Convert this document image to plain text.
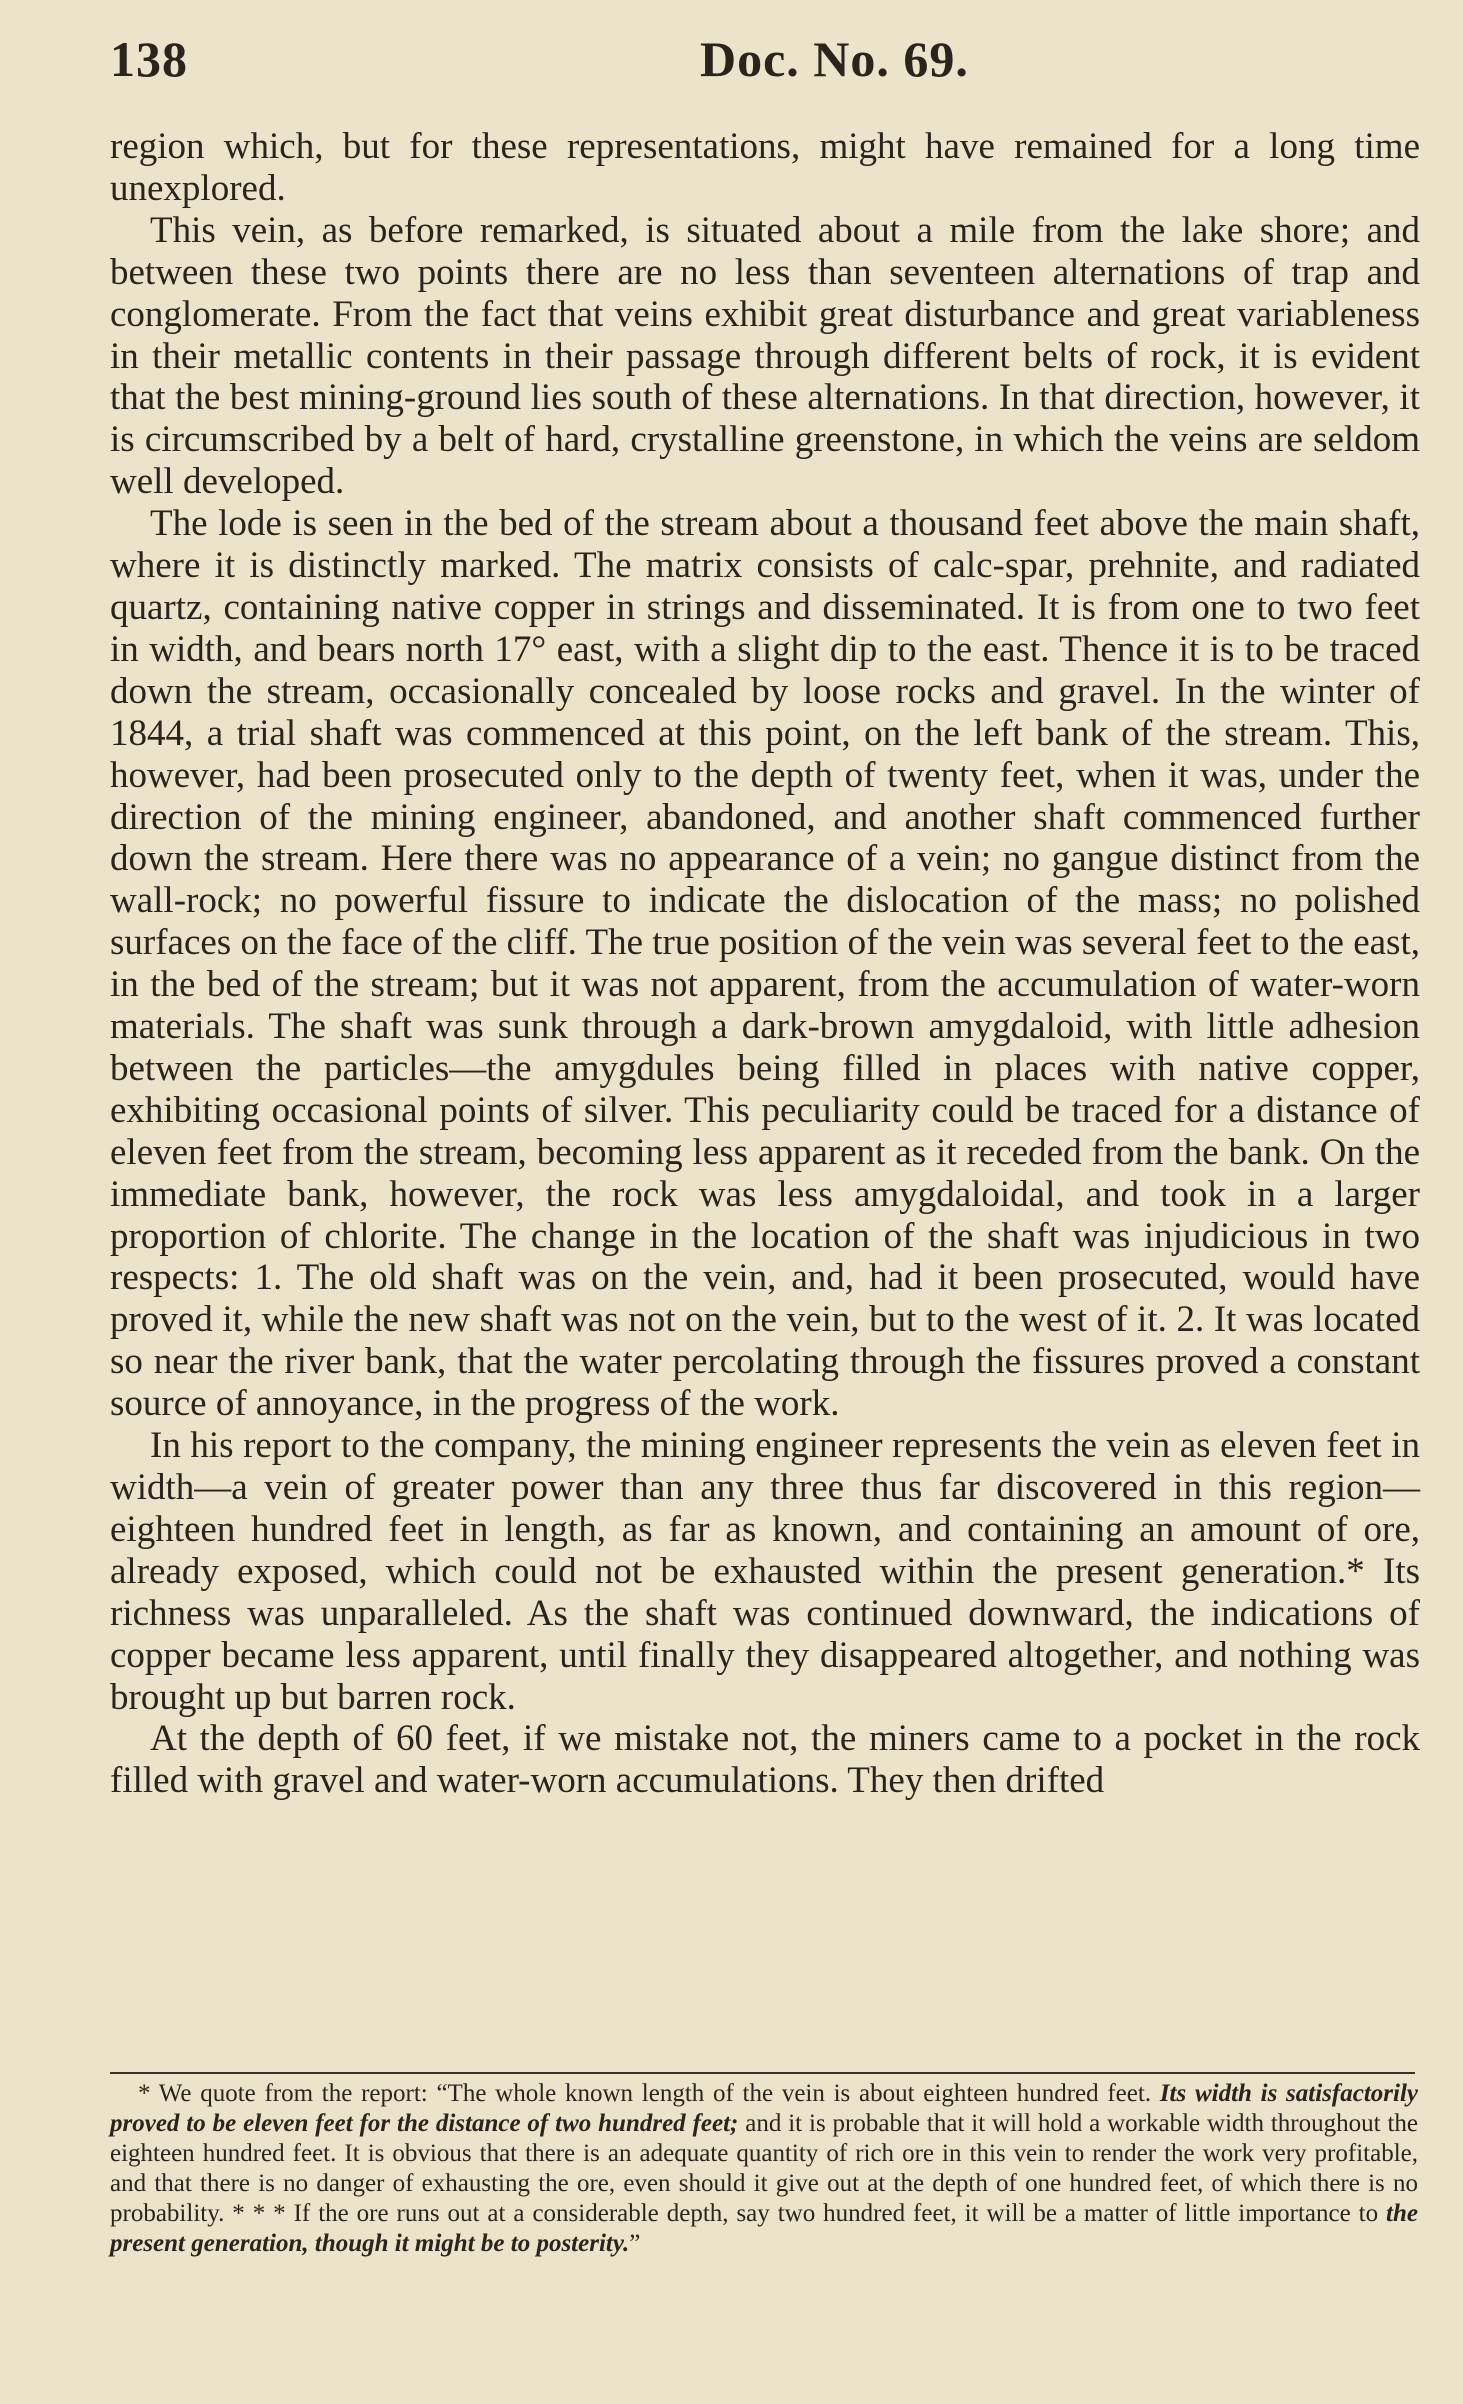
138	Doc. No. 69.

region which, but for these representations, might have remained for a long time unexplored.

This vein, as before remarked, is situated about a mile from the lake shore; and between these two points there are no less than seventeen alternations of trap and conglomerate. From the fact that veins exhibit great disturbance and great variableness in their metallic contents in their passage through different belts of rock, it is evident that the best mining-ground lies south of these alternations. In that direction, however, it is circumscribed by a belt of hard, crystalline greenstone, in which the veins are seldom well developed.

The lode is seen in the bed of the stream about a thousand feet above the main shaft, where it is distinctly marked. The matrix consists of calc-spar, prehnite, and radiated quartz, containing native copper in strings and disseminated. It is from one to two feet in width, and bears north 17° east, with a slight dip to the east. Thence it is to be traced down the stream, occasionally concealed by loose rocks and gravel. In the winter of 1844, a trial shaft was commenced at this point, on the left bank of the stream. This, however, had been prosecuted only to the depth of twenty feet, when it was, under the direction of the mining engineer, abandoned, and another shaft commenced further down the stream. Here there was no appearance of a vein; no gangue distinct from the wall-rock; no powerful fissure to indicate the dislocation of the mass; no polished surfaces on the face of the cliff. The true position of the vein was several feet to the east, in the bed of the stream; but it was not apparent, from the accumulation of water-worn materials. The shaft was sunk through a dark-brown amygdaloid, with little adhesion between the particles—the amygdules being filled in places with native copper, exhibiting occasional points of silver. This peculiarity could be traced for a distance of eleven feet from the stream, becoming less apparent as it receded from the bank. On the immediate bank, however, the rock was less amygdaloidal, and took in a larger proportion of chlorite. The change in the location of the shaft was injudicious in two respects: 1. The old shaft was on the vein, and, had it been prosecuted, would have proved it, while the new shaft was not on the vein, but to the west of it. 2. It was located so near the river bank, that the water percolating through the fissures proved a constant source of annoyance, in the progress of the work.

In his report to the company, the mining engineer represents the vein as eleven feet in width—a vein of greater power than any three thus far discovered in this region—eighteen hundred feet in length, as far as known, and containing an amount of ore, already exposed, which could not be exhausted within the present generation.* Its richness was unparalleled. As the shaft was continued downward, the indications of copper became less apparent, until finally they disappeared altogether, and nothing was brought up but barren rock.

At the depth of 60 feet, if we mistake not, the miners came to a pocket in the rock filled with gravel and water-worn accumulations. They then drifted

* We quote from the report: “The whole known length of the vein is about eighteen hundred feet. Its width is satisfactorily proved to be eleven feet for the distance of two hundred feet; and it is probable that it will hold a workable width throughout the eighteen hundred feet. It is obvious that there is an adequate quantity of rich ore in this vein to render the work very profitable, and that there is no danger of exhausting the ore, even should it give out at the depth of one hundred feet, of which there is no probability. * * * If the ore runs out at a considerable depth, say two hundred feet, it will be a matter of little importance to the present generation, though it might be to posterity.”
